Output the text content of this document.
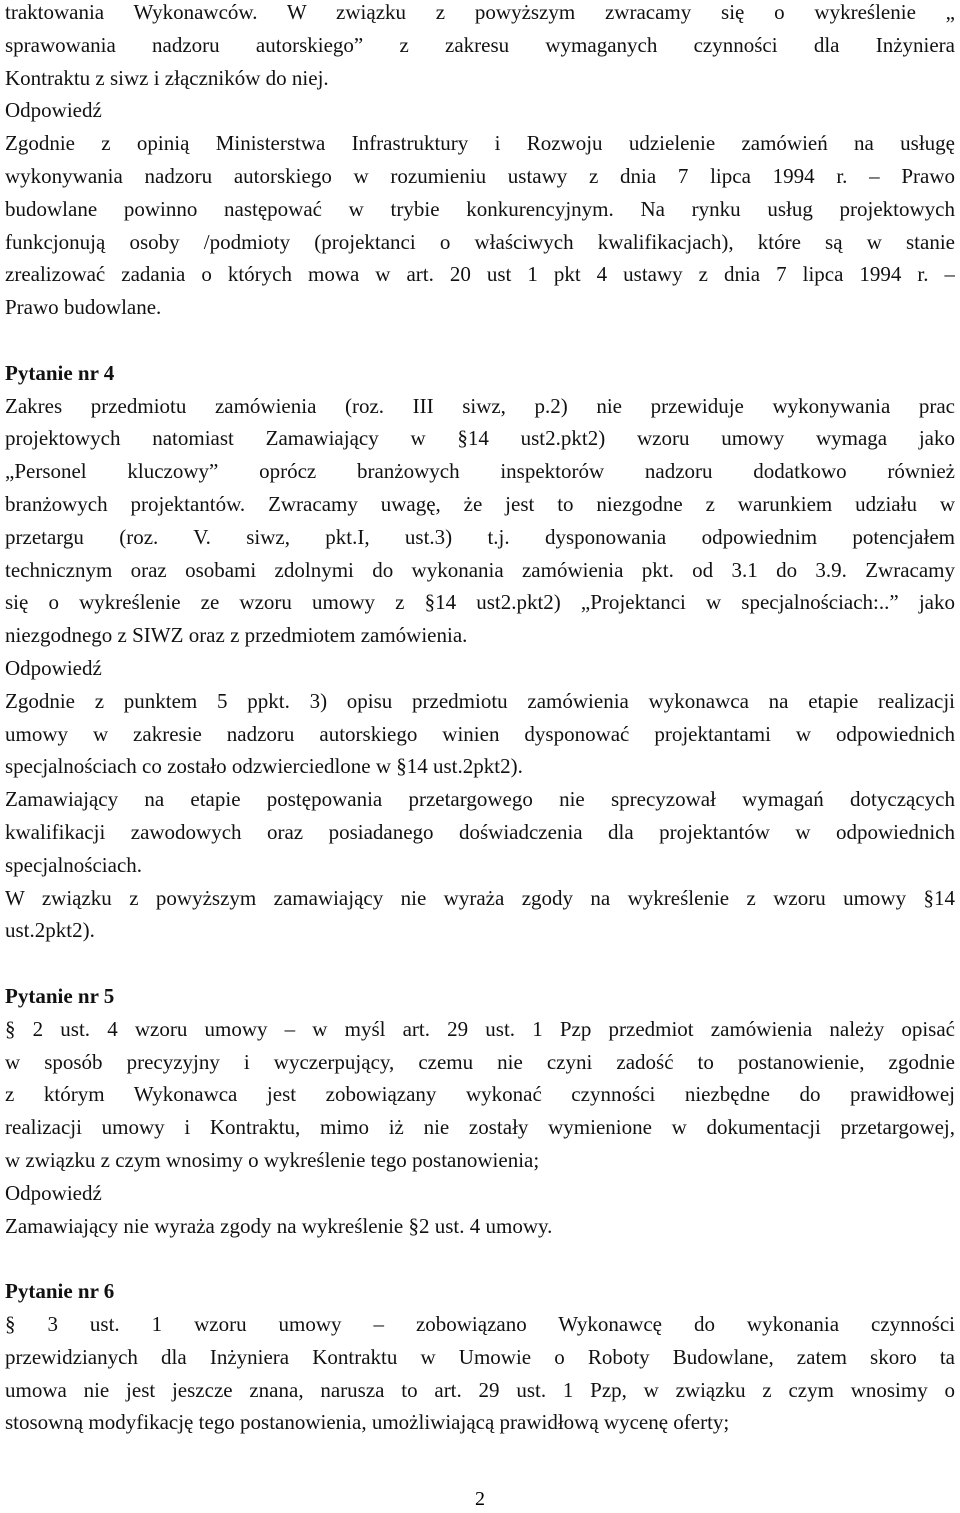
traktowania Wykonawców. W związku z powyższym zwracamy się o wykreślenie „
sprawowania nadzoru autorskiego” z zakresu wymaganych czynności dla Inżyniera
Kontraktu z siwz i złączników do niej.
Odpowiedź
Zgodnie z opinią Ministerstwa Infrastruktury i Rozwoju udzielenie zamówień na usługę
wykonywania nadzoru autorskiego w rozumieniu ustawy z dnia 7 lipca 1994 r. – Prawo
budowlane powinno następować w trybie konkurencyjnym. Na rynku usług projektowych
funkcjonują osoby /podmioty (projektanci o właściwych kwalifikacjach), które są w stanie
zrealizować zadania o których mowa w art. 20 ust 1 pkt 4 ustawy z dnia 7 lipca 1994 r. –
Prawo budowlane.
Pytanie nr 4
Zakres przedmiotu zamówienia (roz. III siwz, p.2) nie przewiduje wykonywania prac
projektowych natomiast Zamawiający w §14 ust2.pkt2) wzoru umowy wymaga jako
„Personel kluczowy” oprócz branżowych inspektorów nadzoru dodatkowo również
branżowych projektantów. Zwracamy uwagę, że jest to niezgodne z warunkiem udziału w
przetargu (roz. V. siwz, pkt.I, ust.3) t.j. dysponowania odpowiednim potencjałem
technicznym oraz osobami zdolnymi do wykonania zamówienia pkt. od 3.1 do 3.9. Zwracamy
się o wykreślenie ze wzoru umowy z §14 ust2.pkt2) „Projektanci w specjalnościach:..” jako
niezgodnego z SIWZ oraz z przedmiotem zamówienia.
Odpowiedź
Zgodnie z punktem 5 ppkt. 3) opisu przedmiotu zamówienia wykonawca na etapie realizacji
umowy w zakresie nadzoru autorskiego winien dysponować projektantami w odpowiednich
specjalnościach co zostało odzwierciedlone w §14 ust.2pkt2).
Zamawiający na etapie postępowania przetargowego nie sprecyzował wymagań dotyczących
kwalifikacji zawodowych oraz posiadanego doświadczenia dla projektantów w odpowiednich
specjalnościach.
W związku z powyższym zamawiający nie wyraża zgody na wykreślenie z wzoru umowy §14
ust.2pkt2).
Pytanie nr 5
§ 2 ust. 4 wzoru umowy – w myśl art. 29 ust. 1 Pzp przedmiot zamówienia należy opisać
w sposób precyzyjny i wyczerpujący, czemu nie czyni zadość to postanowienie, zgodnie
z którym Wykonawca jest zobowiązany wykonać czynności niezbędne do prawidłowej
realizacji umowy i Kontraktu, mimo iż nie zostały wymienione w dokumentacji przetargowej,
w związku z czym wnosimy o wykreślenie tego postanowienia;
Odpowiedź
Zamawiający nie wyraża zgody na wykreślenie §2 ust. 4 umowy.
Pytanie nr 6
§ 3 ust. 1 wzoru umowy – zobowiązano Wykonawcę do wykonania czynności
przewidzianych dla Inżyniera Kontraktu w Umowie o Roboty Budowlane, zatem skoro ta
umowa nie jest jeszcze znana, narusza to art. 29 ust. 1 Pzp, w związku z czym wnosimy o
stosowną modyfikację tego postanowienia, umożliwiającą prawidłową wycenę oferty;
2
